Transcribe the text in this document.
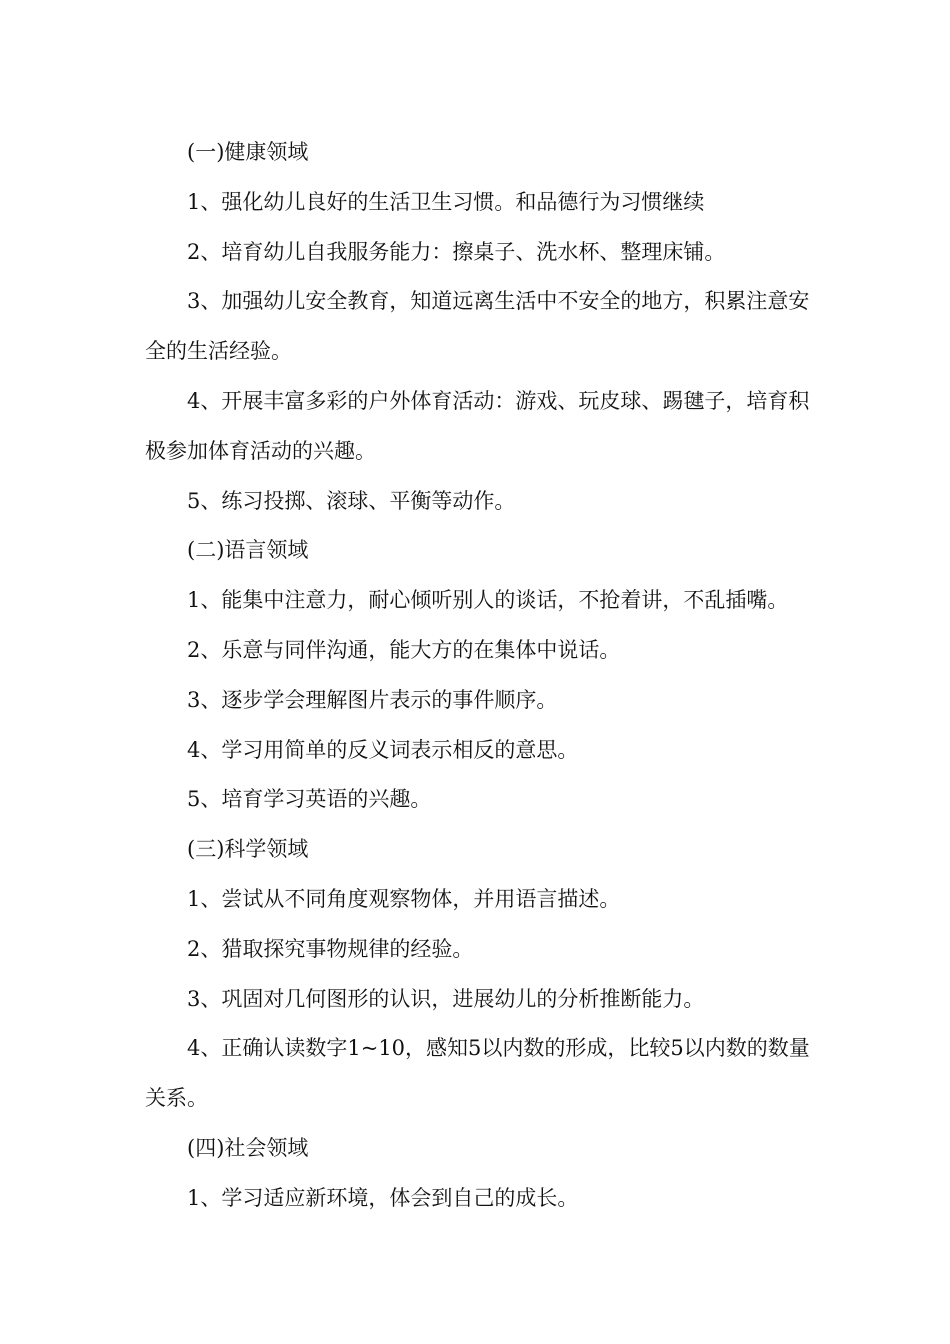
(一)健康领域

1、强化幼儿良好的生活卫生习惯。和品德行为习惯继续

2、培育幼儿自我服务能力：擦桌子、洗水杯、整理床铺。

3、加强幼儿安全教育，知道远离生活中不安全的地方，积累注意安全的生活经验。

4、开展丰富多彩的户外体育活动：游戏、玩皮球、踢毽子，培育积极参加体育活动的兴趣。

5、练习投掷、滚球、平衡等动作。

(二)语言领域

1、能集中注意力，耐心倾听别人的谈话，不抢着讲，不乱插嘴。

2、乐意与同伴沟通，能大方的在集体中说话。

3、逐步学会理解图片表示的事件顺序。

4、学习用简单的反义词表示相反的意思。

5、培育学习英语的兴趣。

(三)科学领域

1、尝试从不同角度观察物体，并用语言描述。

2、猎取探究事物规律的经验。

3、巩固对几何图形的认识，进展幼儿的分析推断能力。

4、正确认读数字1~10，感知5以内数的形成，比较5以内数的数量关系。

(四)社会领域

1、学习适应新环境，体会到自己的成长。
